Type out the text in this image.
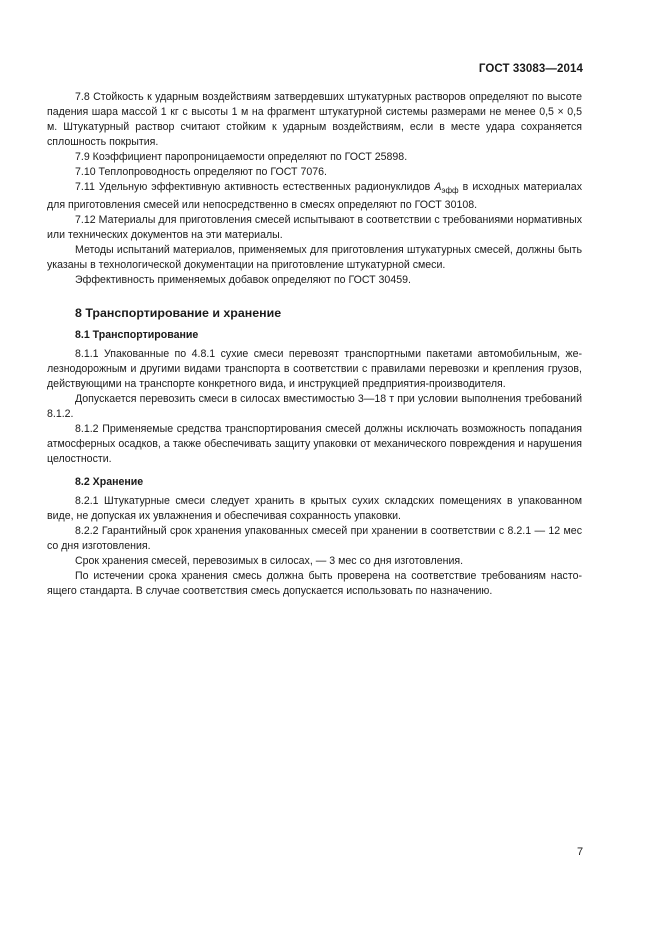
ГОСТ 33083—2014

7.8 Стойкость к ударным воздействиям затвердевших штукатурных растворов определяют по высоте падения шара массой 1 кг с высоты 1 м на фрагмент штукатурной системы размерами не менее 0,5 × 0,5 м. Штукатурный раствор считают стойким к ударным воздействиям, если в месте удара сохраняется сплошность покрытия.

7.9 Коэффициент паропроницаемости определяют по ГОСТ 25898.

7.10 Теплопроводность определяют по ГОСТ 7076.

7.11 Удельную эффективную активность естественных радионуклидов $A_{эфф}$ в исходных материалах для приготовления смесей или непосредственно в смесях определяют по ГОСТ 30108.

7.12 Материалы для приготовления смесей испытывают в соответствии с требованиями нормативных или технических документов на эти материалы.

Методы испытаний материалов, применяемых для приготовления штукатурных смесей, должны быть указаны в технологической документации на приготовление штукатурной смеси.

Эффективность применяемых добавок определяют по ГОСТ 30459.

8 Транспортирование и хранение
8.1 Транспортирование

8.1.1 Упакованные по 4.8.1 сухие смеси перевозят транспортными пакетами автомобильным, железнодорожным и другими видами транспорта в соответствии с правилами перевозки и крепления грузов, действующими на транспорте конкретного вида, и инструкцией предприятия-производителя.

Допускается перевозить смеси в силосах вместимостью 3—18 т при условии выполнения требований 8.1.2.

8.1.2 Применяемые средства транспортирования смесей должны исключать возможность попадания атмосферных осадков, а также обеспечивать защиту упаковки от механического повреждения и нарушения целостности.

8.2 Хранение

8.2.1 Штукатурные смеси следует хранить в крытых сухих складских помещениях в упакованном виде, не допуская их увлажнения и обеспечивая сохранность упаковки.

8.2.2 Гарантийный срок хранения упакованных смесей при хранении в соответствии с 8.2.1 — 12 мес со дня изготовления.

Срок хранения смесей, перевозимых в силосах, — 3 мес со дня изготовления.

По истечении срока хранения смесь должна быть проверена на соответствие требованиям настоящего стандарта. В случае соответствия смесь допускается использовать по назначению.

7
